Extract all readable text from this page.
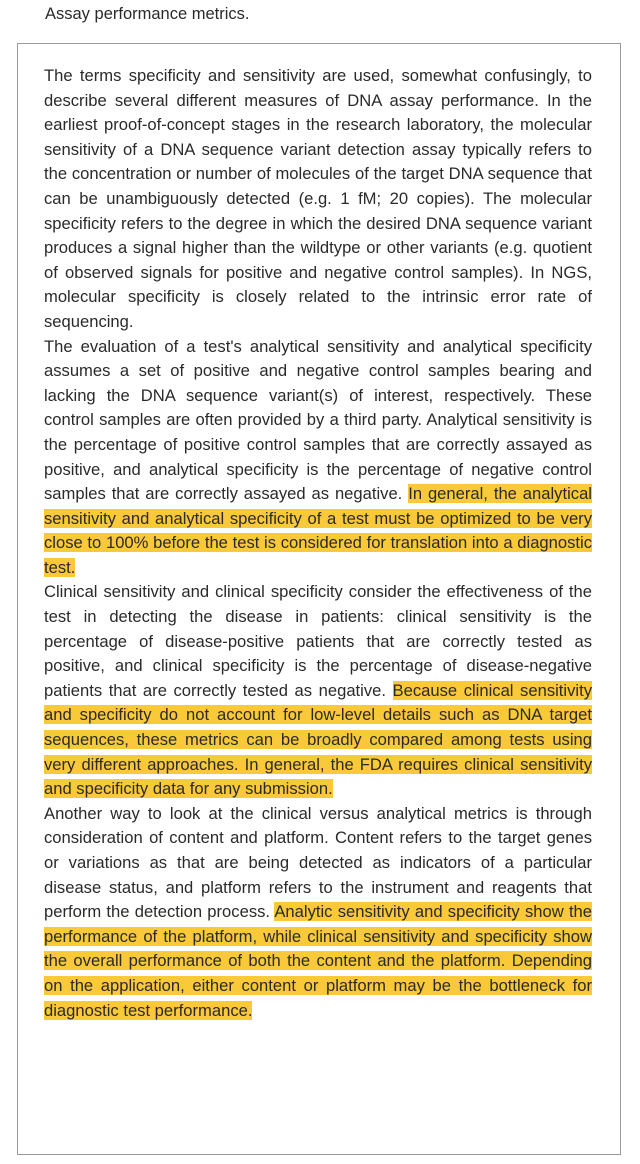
Assay performance metrics.

The terms specificity and sensitivity are used, somewhat confusingly, to describe several different measures of DNA assay performance. In the earliest proof-of-concept stages in the research laboratory, the molecular sensitivity of a DNA sequence variant detection assay typically refers to the concentration or number of molecules of the target DNA sequence that can be unambiguously detected (e.g. 1 fM; 20 copies). The molecular specificity refers to the degree in which the desired DNA sequence variant produces a signal higher than the wildtype or other variants (e.g. quotient of observed signals for positive and negative control samples). In NGS, molecular specificity is closely related to the intrinsic error rate of sequencing.

The evaluation of a test's analytical sensitivity and analytical specificity assumes a set of positive and negative control samples bearing and lacking the DNA sequence variant(s) of interest, respectively. These control samples are often provided by a third party. Analytical sensitivity is the percentage of positive control samples that are correctly assayed as positive, and analytical specificity is the percentage of negative control samples that are correctly assayed as negative. In general, the analytical sensitivity and analytical specificity of a test must be optimized to be very close to 100% before the test is considered for translation into a diagnostic test.

Clinical sensitivity and clinical specificity consider the effectiveness of the test in detecting the disease in patients: clinical sensitivity is the percentage of disease-positive patients that are correctly tested as positive, and clinical specificity is the percentage of disease-negative patients that are correctly tested as negative. Because clinical sensitivity and specificity do not account for low-level details such as DNA target sequences, these metrics can be broadly compared among tests using very different approaches. In general, the FDA requires clinical sensitivity and specificity data for any submission.

Another way to look at the clinical versus analytical metrics is through consideration of content and platform. Content refers to the target genes or variations as that are being detected as indicators of a particular disease status, and platform refers to the instrument and reagents that perform the detection process. Analytic sensitivity and specificity show the performance of the platform, while clinical sensitivity and specificity show the overall performance of both the content and the platform. Depending on the application, either content or platform may be the bottleneck for diagnostic test performance.
